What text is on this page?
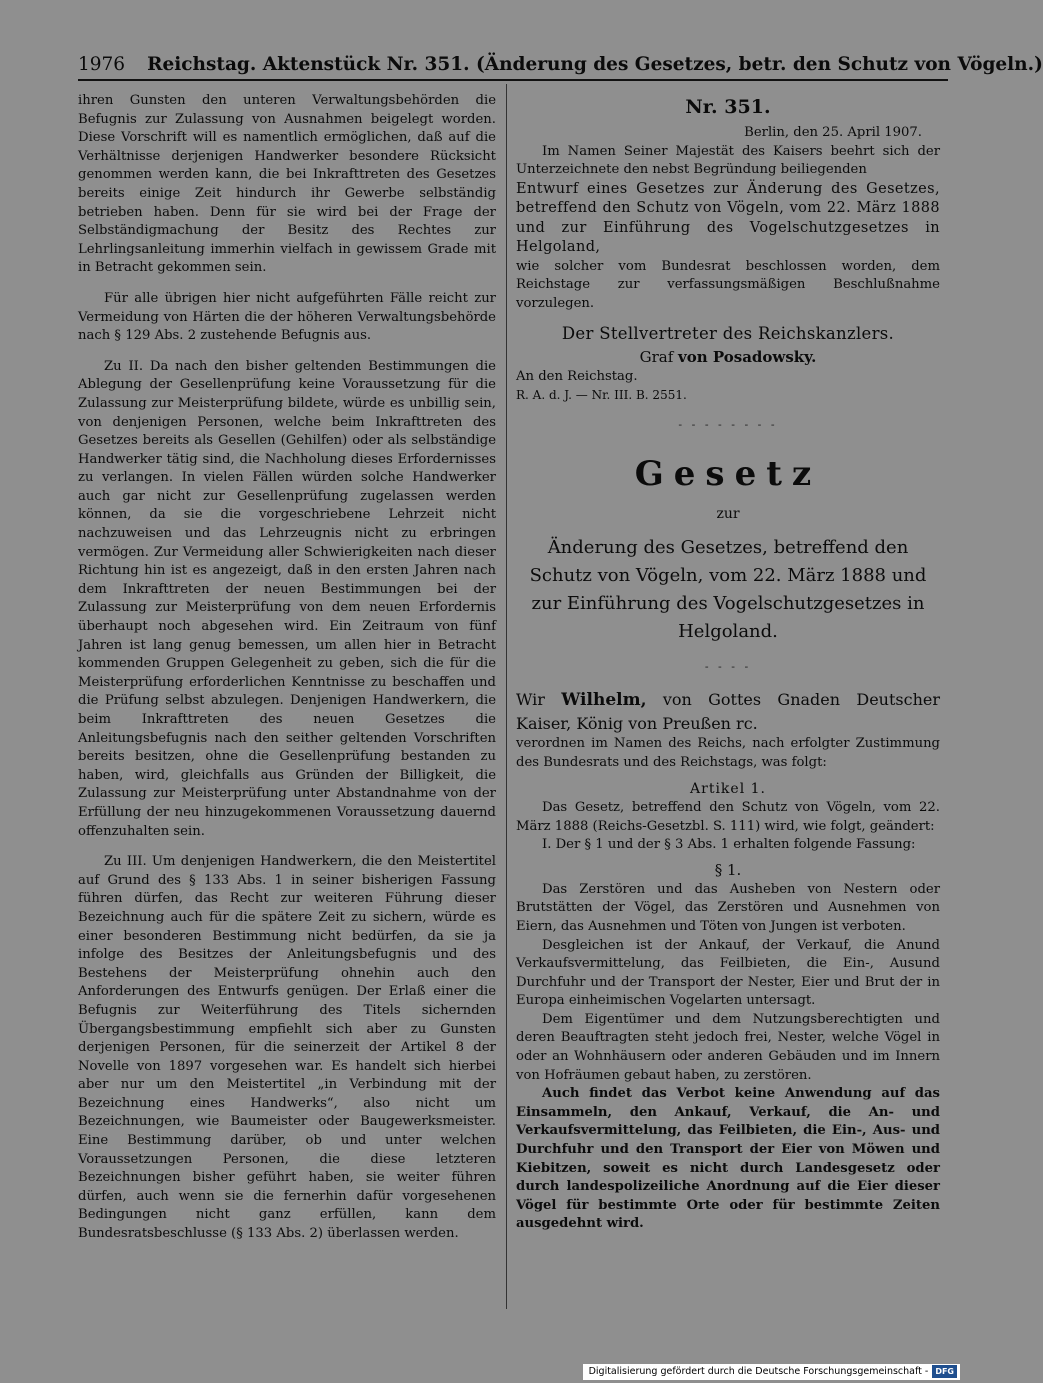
1976 Reichstag. Aktenstück Nr. 351. (Änderung des Gesetzes, betr. den Schutz von Vögeln.)

ihren Gunsten den unteren Verwaltungsbehörden die Befugnis zur Zulassung von Ausnahmen beigelegt worden. Diese Vorschrift will es namentlich ermöglichen, daß auf die Verhältnisse derjenigen Handwerker besondere Rücksicht genommen werden kann, die bei Inkrafttreten des Gesetzes bereits einige Zeit hindurch ihr Gewerbe selbständig betrieben haben. Denn für sie wird bei der Frage der Selbständigmachung der Besitz des Rechtes zur Lehrlingsanleitung immerhin vielfach in gewissem Grade mit in Betracht gekommen sein.

Für alle übrigen hier nicht aufgeführten Fälle reicht zur Vermeidung von Härten die der höheren Verwaltungsbehörde nach § 129 Abs. 2 zustehende Befugnis aus.

Zu II. Da nach den bisher geltenden Bestimmungen die Ablegung der Gesellenprüfung keine Voraussetzung für die Zulassung zur Meisterprüfung bildete, würde es unbillig sein, von denjenigen Personen, welche beim Inkrafttreten des Gesetzes bereits als Gesellen (Gehilfen) oder als selbständige Handwerker tätig sind, die Nachholung dieses Erfordernisses zu verlangen. In vielen Fällen würden solche Handwerker auch gar nicht zur Gesellenprüfung zugelassen werden können, da sie die vorgeschriebene Lehrzeit nicht nachzuweisen und das Lehrzeugnis nicht zu erbringen vermögen. Zur Vermeidung aller Schwierigkeiten nach dieser Richtung hin ist es angezeigt, daß in den ersten Jahren nach dem Inkrafttreten der neuen Bestimmungen bei der Zulassung zur Meisterprüfung von dem neuen Erfordernis überhaupt noch abgesehen wird. Ein Zeitraum von fünf Jahren ist lang genug bemessen, um allen hier in Betracht kommenden Gruppen Gelegenheit zu geben, sich die für die Meisterprüfung erforderlichen Kenntnisse zu beschaffen und die Prüfung selbst abzulegen. Denjenigen Handwerkern, die beim Inkrafttreten des neuen Gesetzes die Anleitungsbefugnis nach den seither geltenden Vorschriften bereits besitzen, ohne die Gesellenprüfung bestanden zu haben, wird, gleichfalls aus Gründen der Billigkeit, die Zulassung zur Meisterprüfung unter Abstandnahme von der Erfüllung der neu hinzugekommenen Voraussetzung dauernd offenzuhalten sein.

Zu III. Um denjenigen Handwerkern, die den Meistertitel auf Grund des § 133 Abs. 1 in seiner bisherigen Fassung führen dürfen, das Recht zur weiteren Führung dieser Bezeichnung auch für die spätere Zeit zu sichern, würde es einer besonderen Bestimmung nicht bedürfen, da sie ja infolge des Besitzes der Anleitungsbefugnis und des Bestehens der Meisterprüfung ohnehin auch den Anforderungen des Entwurfs genügen. Der Erlaß einer die Befugnis zur Weiterführung des Titels sichernden Übergangsbestimmung empfiehlt sich aber zu Gunsten derjenigen Personen, für die seinerzeit der Artikel 8 der Novelle von 1897 vorgesehen war. Es handelt sich hierbei aber nur um den Meistertitel „in Verbindung mit der Bezeichnung eines Handwerks“, also nicht um Bezeichnungen, wie Baumeister oder Baugewerksmeister. Eine Bestimmung darüber, ob und unter welchen Voraussetzungen Personen, die diese letzteren Bezeichnungen bisher geführt haben, sie weiter führen dürfen, auch wenn sie die fernerhin dafür vorgesehenen Bedingungen nicht ganz erfüllen, kann dem Bundesratsbeschlusse (§ 133 Abs. 2) überlassen werden.

Nr. 351.

Berlin, den 25. April 1907.

Im Namen Seiner Majestät des Kaisers beehrt sich der Unterzeichnete den nebst Begründung beiliegenden

Entwurf eines Gesetzes zur Änderung des Gesetzes, betreffend den Schutz von Vögeln, vom 22. März 1888 und zur Einführung des Vogelschutzgesetzes in Helgoland,

wie solcher vom Bundesrat beschlossen worden, dem Reichstage zur verfassungsmäßigen Beschlußnahme vorzulegen.

Der Stellvertreter des Reichskanzlers.
Graf von Posadowsky.

An den Reichstag.

R. A. d. J. — Nr. III. B. 2551.

- - - - - - - -
Gesetz
zur
Änderung des Gesetzes, betreffend den Schutz von Vögeln, vom 22. März 1888 und zur Einführung des Vogelschutzgesetzes in Helgoland.
- - - -

Wir Wilhelm, von Gottes Gnaden Deutscher Kaiser, König von Preußen rc.

verordnen im Namen des Reichs, nach erfolgter Zustimmung des Bundesrats und des Reichstags, was folgt:

Artikel 1.

Das Gesetz, betreffend den Schutz von Vögeln, vom 22. März 1888 (Reichs-Gesetzbl. S. 111) wird, wie folgt, geändert:

I. Der § 1 und der § 3 Abs. 1 erhalten folgende Fassung:

§ 1.

Das Zerstören und das Ausheben von Nestern oder Brutstätten der Vögel, das Zerstören und Ausnehmen von Eiern, das Ausnehmen und Töten von Jungen ist verboten.

Desgleichen ist der Ankauf, der Verkauf, die Anund Verkaufsvermittelung, das Feilbieten, die Ein-, Ausund Durchfuhr und der Transport der Nester, Eier und Brut der in Europa einheimischen Vogelarten untersagt.

Dem Eigentümer und dem Nutzungsberechtigten und deren Beauftragten steht jedoch frei, Nester, welche Vögel in oder an Wohnhäusern oder anderen Gebäuden und im Innern von Hofräumen gebaut haben, zu zerstören.

Auch findet das Verbot keine Anwendung auf das Einsammeln, den Ankauf, Verkauf, die An- und Verkaufsvermittelung, das Feilbieten, die Ein-, Aus- und Durchfuhr und den Transport der Eier von Möwen und Kiebitzen, soweit es nicht durch Landesgesetz oder durch landespolizeiliche Anordnung auf die Eier dieser Vögel für bestimmte Orte oder für bestimmte Zeiten ausgedehnt wird.

Digitalisierung gefördert durch die Deutsche Forschungsgemeinschaft - DFG
